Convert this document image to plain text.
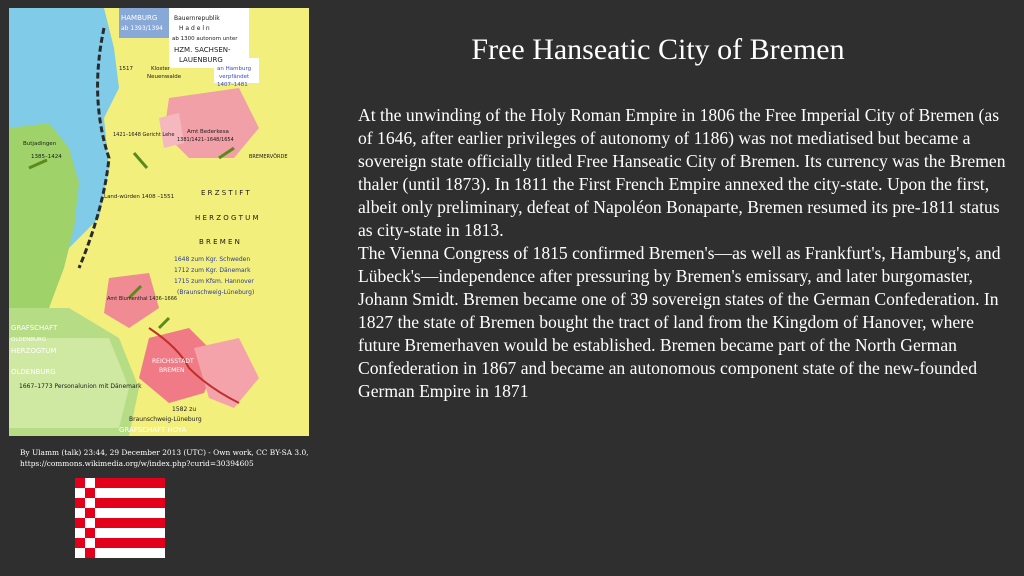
HAMBURG
ab 1393/1394
Bauernrepublik
H a d e l n
ab 1300 autonom unter
HZM. SACHSEN-
LAUENBURG
1517	Kloster
Neuenwalde
an Hamburg
verpfändet
1407–1481
Amt Bederkesa
1381/1421–1648/1654
1421–1648 Gericht Lehe
Butjadingen
1385–1424
Land-würden 1408 –1551	E R Z S T I F T
H E R Z O G T U M
B R E M E N
1648 zum Kgr. Schweden
1712 zum Kgr. Dänemark
1715 zum Kfsm. Hannover
(Braunschweig-Lüneburg)
Amt Blumenthal 1436–1666
GRAFSCHAFT
OLDENBURG
HERZOGTUM
OLDENBURG
1667–1773 Personalunion mit Dänemark
REICHSSTADT
BREMEN
1582 zu
Braunschweig-Lüneburg
GRAFSCHAFT HOYA
BREMERVÖRDE
By Ulamm (talk) 23:44, 29 December 2013 (UTC) - Own work, CC BY-SA 3.0, https://commons.wikimedia.org/w/index.php?curid=30394605
Free Hanseatic City of Bremen

At the unwinding of the Holy Roman Empire in 1806 the Free Imperial City of Bremen (as of 1646, after earlier privileges of autonomy of 1186) was not mediatised but became a sovereign state officially titled Free Hanseatic City of Bremen. Its currency was the Bremen thaler (until 1873). In 1811 the First French Empire annexed the city-state. Upon the first, albeit only preliminary, defeat of Napoléon Bonaparte, Bremen resumed its pre-1811 status as city-state in 1813.

The Vienna Congress of 1815 confirmed Bremen's—as well as Frankfurt's, Hamburg's, and Lübeck's—independence after pressuring by Bremen's emissary, and later burgomaster, Johann Smidt. Bremen became one of 39 sovereign states of the German Confederation. In 1827 the state of Bremen bought the tract of land from the Kingdom of Hanover, where future Bremerhaven would be established. Bremen became part of the North German Confederation in 1867 and became an autonomous component state of the new-founded German Empire in 1871
